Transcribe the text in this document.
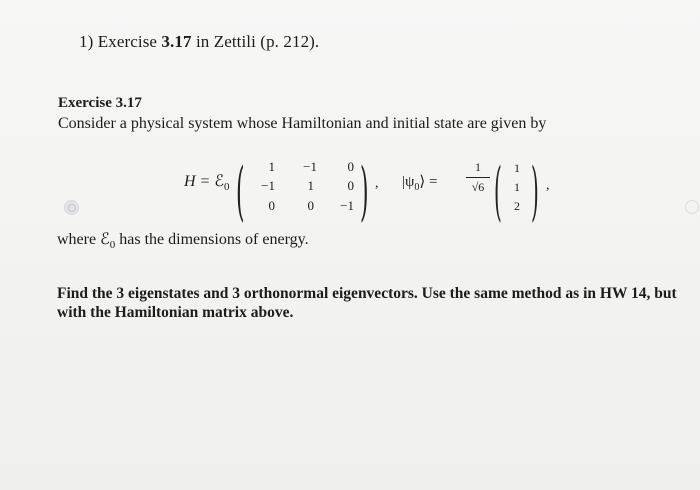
1) Exercise 3.17 in Zettili (p. 212).
Exercise 3.17
Consider a physical system whose Hamiltonian and initial state are given by
H = ℰ$_0$ (	)
1	−1	0
−1	1	0
0	0	−1
, $|\psi_0⟩$ =
1
√6 ( )
1
1
2
,
where ℰ$_0$ has the dimensions of energy.
Find the 3 eigenstates and 3 orthonormal eigenvectors. Use the same method as in HW 14, but with the Hamiltonian matrix above.
